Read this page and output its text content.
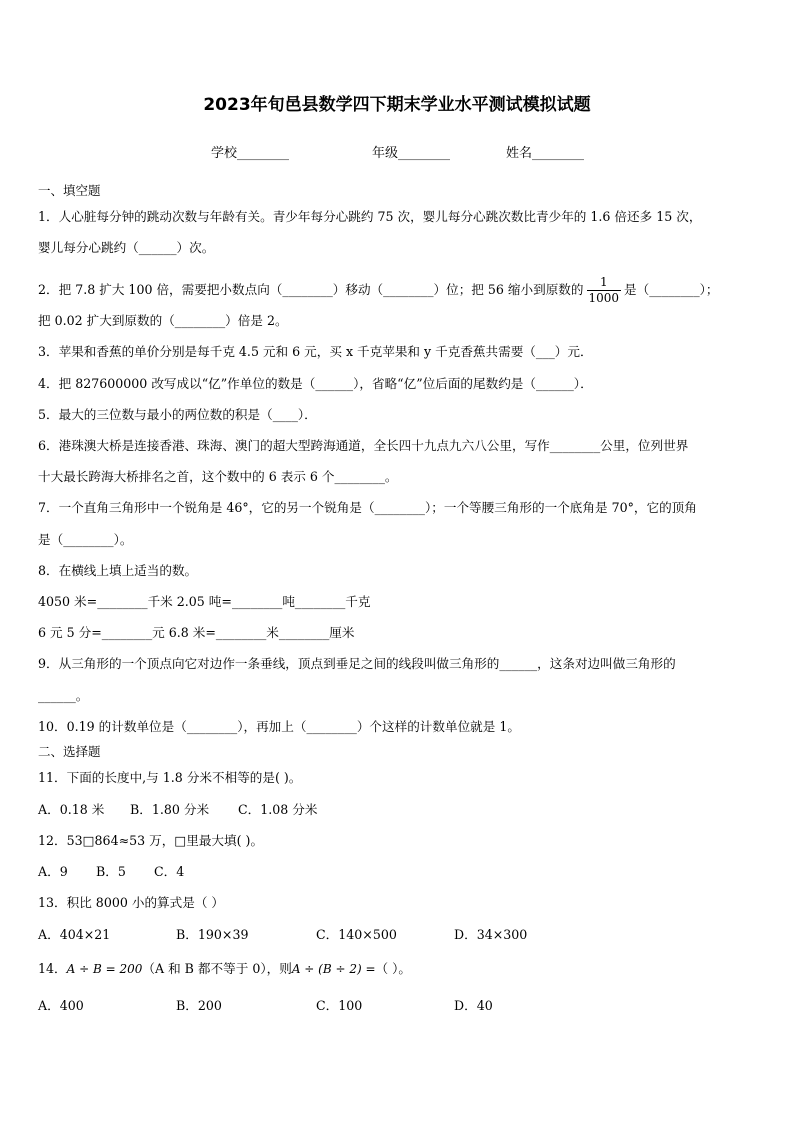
2023年旬邑县数学四下期末学业水平测试模拟试题
学校________	年级________	姓名________
一、填空题
1．人心脏每分钟的跳动次数与年龄有关。青少年每分心跳约 75 次，婴儿每分心跳次数比青少年的 1.6 倍还多 15 次，
婴儿每分心跳约（______）次。
2．把 7.8 扩大 100 倍，需要把小数点向（________）移动（________）位；把 56 缩小到原数的 $\frac{1}{1000}$ 是（________）；
把 0.02 扩大到原数的（________）倍是 2。
3．苹果和香蕉的单价分别是每千克 4.5 元和 6 元，买 x 千克苹果和 y 千克香蕉共需要（___）元．
4．把 827600000 改写成以“亿”作单位的数是（______），省略“亿”位后面的尾数约是（______）．
5．最大的三位数与最小的两位数的积是（____）．
6．港珠澳大桥是连接香港、珠海、澳门的超大型跨海通道，全长四十九点九六八公里，写作________公里，位列世界
十大最长跨海大桥排名之首，这个数中的 6 表示 6 个________。
7．一个直角三角形中一个锐角是 46°，它的另一个锐角是（________）；一个等腰三角形的一个底角是 70°，它的顶角
是（________）。
8．在横线上填上适当的数。
4050 米=________千米 2.05 吨=________吨________千克
6 元 5 分=________元 6.8 米=________米________厘米
9．从三角形的一个顶点向它对边作一条垂线，顶点到垂足之间的线段叫做三角形的______，这条对边叫做三角形的
______。
10．0.19 的计数单位是（________），再加上（________）个这样的计数单位就是 1。
二、选择题
11．下面的长度中,与 1.8 分米不相等的是( )。
A．0.18 米 B．1.80 分米 C．1.08 分米
12．53□864≈53 万，□里最大填( )。
A．9 B．5 C．4
13．积比 8000 小的算式是（ ）
A．404×21	B．190×39	C．140×500	D．34×300
14．A ÷ B = 200（A 和 B 都不等于 0），则A ÷ (B ÷ 2) =（ ）。
A．400	B．200	C．100	D．40
